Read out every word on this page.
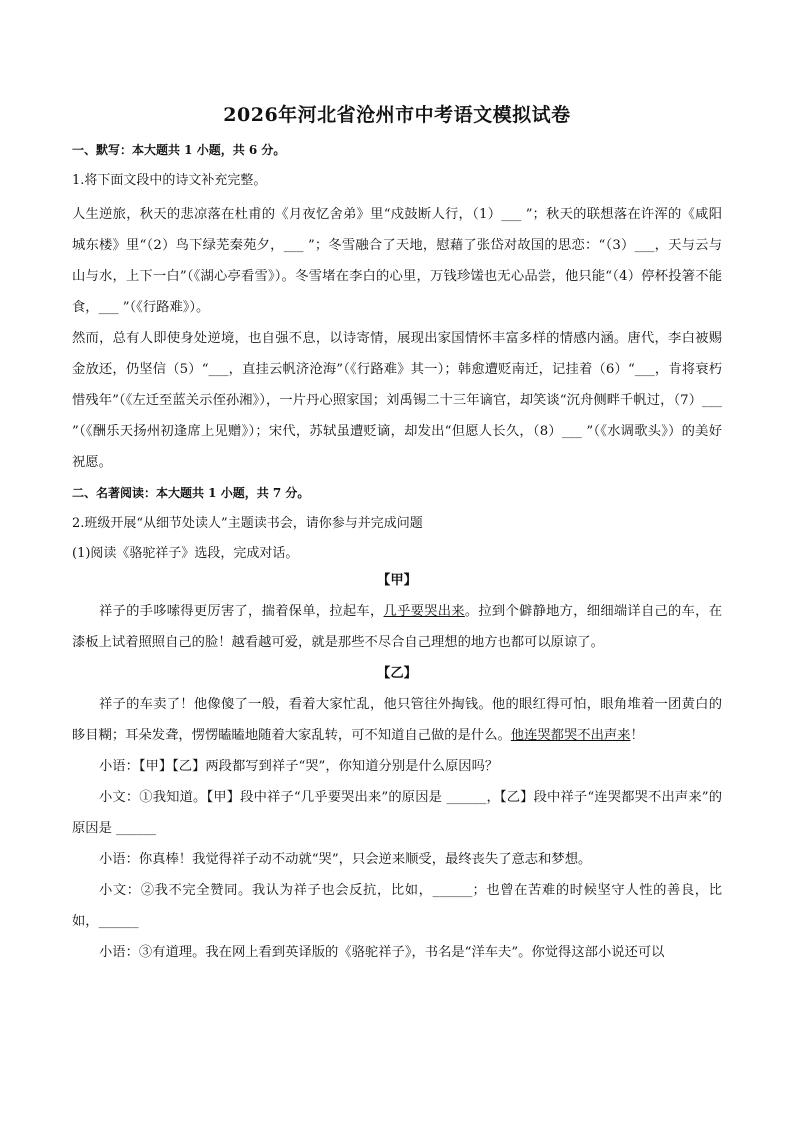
2026年河北省沧州市中考语文模拟试卷
一、默写：本大题共 1 小题，共 6 分。
1.将下面文段中的诗文补充完整。

人生逆旅，秋天的悲凉落在杜甫的《月夜忆舍弟》里“戍鼓断人行，（1）___ ”；秋天的联想落在许浑的《咸阳城东楼》里“（2）鸟下绿芜秦苑夕，___ ”；冬雪融合了天地，慰藉了张岱对故国的思恋：“（3）___，天与云与山与水，上下一白”（《湖心亭看雪》）。冬雪堵在李白的心里，万钱珍馐也无心品尝，他只能“（4）停杯投箸不能食，___ ”（《行路难》）。

然而，总有人即使身处逆境，也自强不息，以诗寄情，展现出家国情怀丰富多样的情感内涵。唐代，李白被赐金放还，仍坚信（5）“___，直挂云帆济沧海”（《行路难》其一）；韩愈遭贬南迁，记挂着（6）“___，肯将衰朽惜残年”（《左迁至蓝关示侄孙湘》），一片丹心照家国；刘禹锡二十三年谪官，却笑谈“沉舟侧畔千帆过，（7）___ ”（《酬乐天扬州初逢席上见赠》）；宋代，苏轼虽遭贬谪，却发出“但愿人长久，（8）___ ”（《水调歌头》）的美好祝愿。

二、名著阅读：本大题共 1 小题，共 7 分。
2.班级开展“从细节处读人”主题读书会，请你参与并完成问题
(1)阅读《骆驼祥子》选段，完成对话。

【甲】

祥子的手哆嗦得更厉害了，揣着保单，拉起车，几乎要哭出来。拉到个僻静地方，细细端详自己的车，在漆板上试着照照自己的脸！越看越可爱，就是那些不尽合自己理想的地方也都可以原谅了。

【乙】

祥子的车卖了！他像傻了一般，看着大家忙乱，他只管往外掏钱。他的眼红得可怕，眼角堆着一团黄白的眵目糊；耳朵发聋，愣愣瞌瞌地随着大家乱转，可不知道自己做的是什么。他连哭都哭不出声来！

小语：【甲】【乙】两段都写到祥子“哭”，你知道分别是什么原因吗？

小文：①我知道。【甲】段中祥子“几乎要哭出来”的原因是 ______，【乙】段中祥子“连哭都哭不出声来”的原因是 ______

小语：你真棒！我觉得祥子动不动就“哭”，只会逆来顺受，最终丧失了意志和梦想。

小文：②我不完全赞同。我认为祥子也会反抗，比如，______；也曾在苦难的时候坚守人性的善良，比如，______

小语：③有道理。我在网上看到英译版的《骆驼祥子》，书名是“洋车夫”。你觉得这部小说还可以
